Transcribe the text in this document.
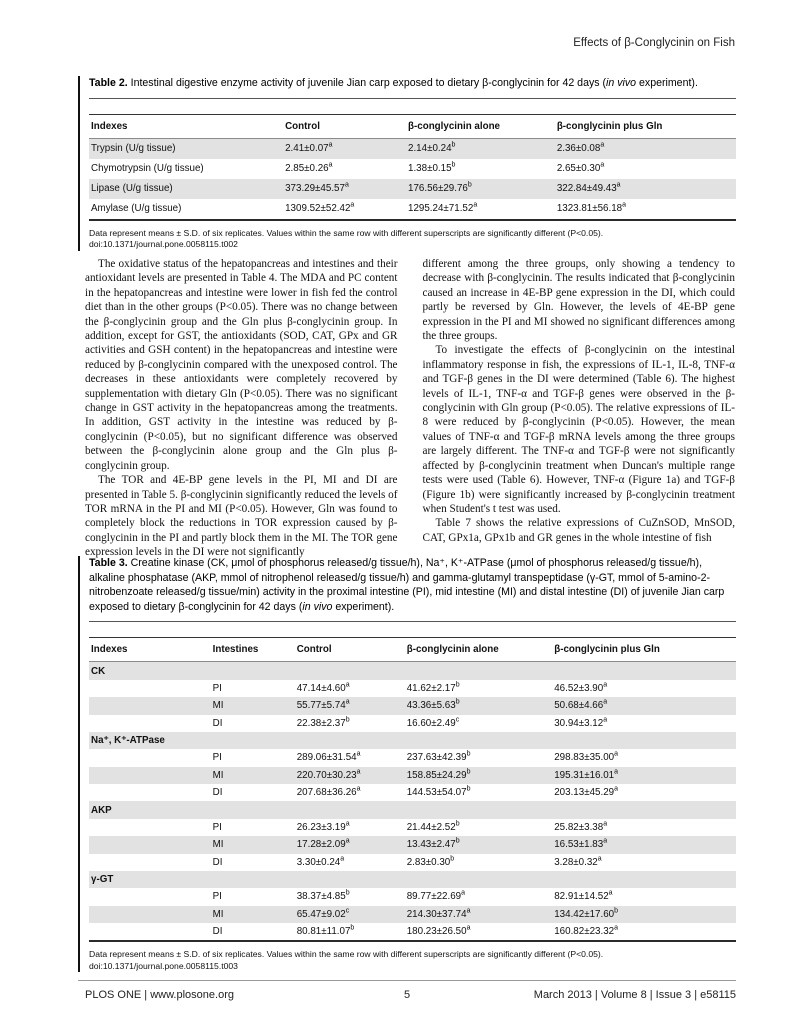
Effects of β-Conglycinin on Fish
Table 2. Intestinal digestive enzyme activity of juvenile Jian carp exposed to dietary β-conglycinin for 42 days (in vivo experiment).
Indexes	Control	β-conglycinin alone	β-conglycinin plus Gln
Trypsin (U/g tissue)	2.41±0.07$^a$	2.14±0.24$^b$	2.36±0.08$^a$
Chymotrypsin (U/g tissue)	2.85±0.26$^a$	1.38±0.15$^b$	2.65±0.30$^a$
Lipase (U/g tissue)	373.29±45.57$^a$	176.56±29.76$^b$	322.84±49.43$^a$
Amylase (U/g tissue)	1309.52±52.42$^a$	1295.24±71.52$^a$	1323.81±56.18$^a$
Data represent means ± S.D. of six replicates. Values within the same row with different superscripts are significantly different (P<0.05).
doi:10.1371/journal.pone.0058115.t002

The oxidative status of the hepatopancreas and intestines and their antioxidant levels are presented in Table 4. The MDA and PC content in the hepatopancreas and intestine were lower in fish fed the control diet than in the other groups (P<0.05). There was no change between the β-conglycinin group and the Gln plus β-conglycinin group. In addition, except for GST, the antioxidants (SOD, CAT, GPx and GR activities and GSH content) in the hepatopancreas and intestine were reduced by β-conglycinin compared with the unexposed control. The decreases in these antioxidants were completely recovered by supplementation with dietary Gln (P<0.05). There was no significant change in GST activity in the hepatopancreas among the treatments. In addition, GST activity in the intestine was reduced by β-conglycinin (P<0.05), but no significant difference was observed between the β-conglycinin alone group and the Gln plus β-conglycinin group.

The TOR and 4E-BP gene levels in the PI, MI and DI are presented in Table 5. β-conglycinin significantly reduced the levels of TOR mRNA in the PI and MI (P<0.05). However, Gln was found to completely block the reductions in TOR expression caused by β-conglycinin in the PI and partly block them in the MI. The TOR gene expression levels in the DI were not significantly

different among the three groups, only showing a tendency to decrease with β-conglycinin. The results indicated that β-conglycinin caused an increase in 4E-BP gene expression in the DI, which could partly be reversed by Gln. However, the levels of 4E-BP gene expression in the PI and MI showed no significant differences among the three groups.

To investigate the effects of β-conglycinin on the intestinal inflammatory response in fish, the expressions of IL-1, IL-8, TNF-α and TGF-β genes in the DI were determined (Table 6). The highest levels of IL-1, TNF-α and TGF-β genes were observed in the β-conglycinin with Gln group (P<0.05). The relative expressions of IL-8 were reduced by β-conglycinin (P<0.05). However, the mean values of TNF-α and TGF-β mRNA levels among the three groups are largely different. The TNF-α and TGF-β were not significantly affected by β-conglycinin treatment when Duncan's multiple range tests were used (Table 6). However, TNF-α (Figure 1a) and TGF-β (Figure 1b) were significantly increased by β-conglycinin treatment when Student's t test was used.

Table 7 shows the relative expressions of CuZnSOD, MnSOD, CAT, GPx1a, GPx1b and GR genes in the whole intestine of fish

Table 3. Creatine kinase (CK, μmol of phosphorus released/g tissue/h), Na⁺, K⁺-ATPase (μmol of phosphorus released/g tissue/h), alkaline phosphatase (AKP, mmol of nitrophenol released/g tissue/h) and gamma-glutamyl transpeptidase (γ-GT, mmol of 5-amino-2-nitrobenzoate released/g tissue/min) activity in the proximal intestine (PI), mid intestine (MI) and distal intestine (DI) of juvenile Jian carp exposed to dietary β-conglycinin for 42 days (in vivo experiment).
Indexes	Intestines	Control	β-conglycinin alone	β-conglycinin plus Gln
CK				
	PI	47.14±4.60$^a$	41.62±2.17$^b$	46.52±3.90$^a$
	MI	55.77±5.74$^a$	43.36±5.63$^b$	50.68±4.66$^a$
	DI	22.38±2.37$^b$	16.60±2.49$^c$	30.94±3.12$^a$
Na⁺, K⁺-ATPase				
	PI	289.06±31.54$^a$	237.63±42.39$^b$	298.83±35.00$^a$
	MI	220.70±30.23$^a$	158.85±24.29$^b$	195.31±16.01$^a$
	DI	207.68±36.26$^a$	144.53±54.07$^b$	203.13±45.29$^a$
AKP				
	PI	26.23±3.19$^a$	21.44±2.52$^b$	25.82±3.38$^a$
	MI	17.28±2.09$^a$	13.43±2.47$^b$	16.53±1.83$^a$
	DI	3.30±0.24$^a$	2.83±0.30$^b$	3.28±0.32$^a$
γ-GT				
	PI	38.37±4.85$^b$	89.77±22.69$^a$	82.91±14.52$^a$
	MI	65.47±9.02$^c$	214.30±37.74$^a$	134.42±17.60$^b$
	DI	80.81±11.07$^b$	180.23±26.50$^a$	160.82±23.32$^a$
Data represent means ± S.D. of six replicates. Values within the same row with different superscripts are significantly different (P<0.05).
doi:10.1371/journal.pone.0058115.t003
PLOS ONE | www.plosone.org	5	March 2013 | Volume 8 | Issue 3 | e58115
